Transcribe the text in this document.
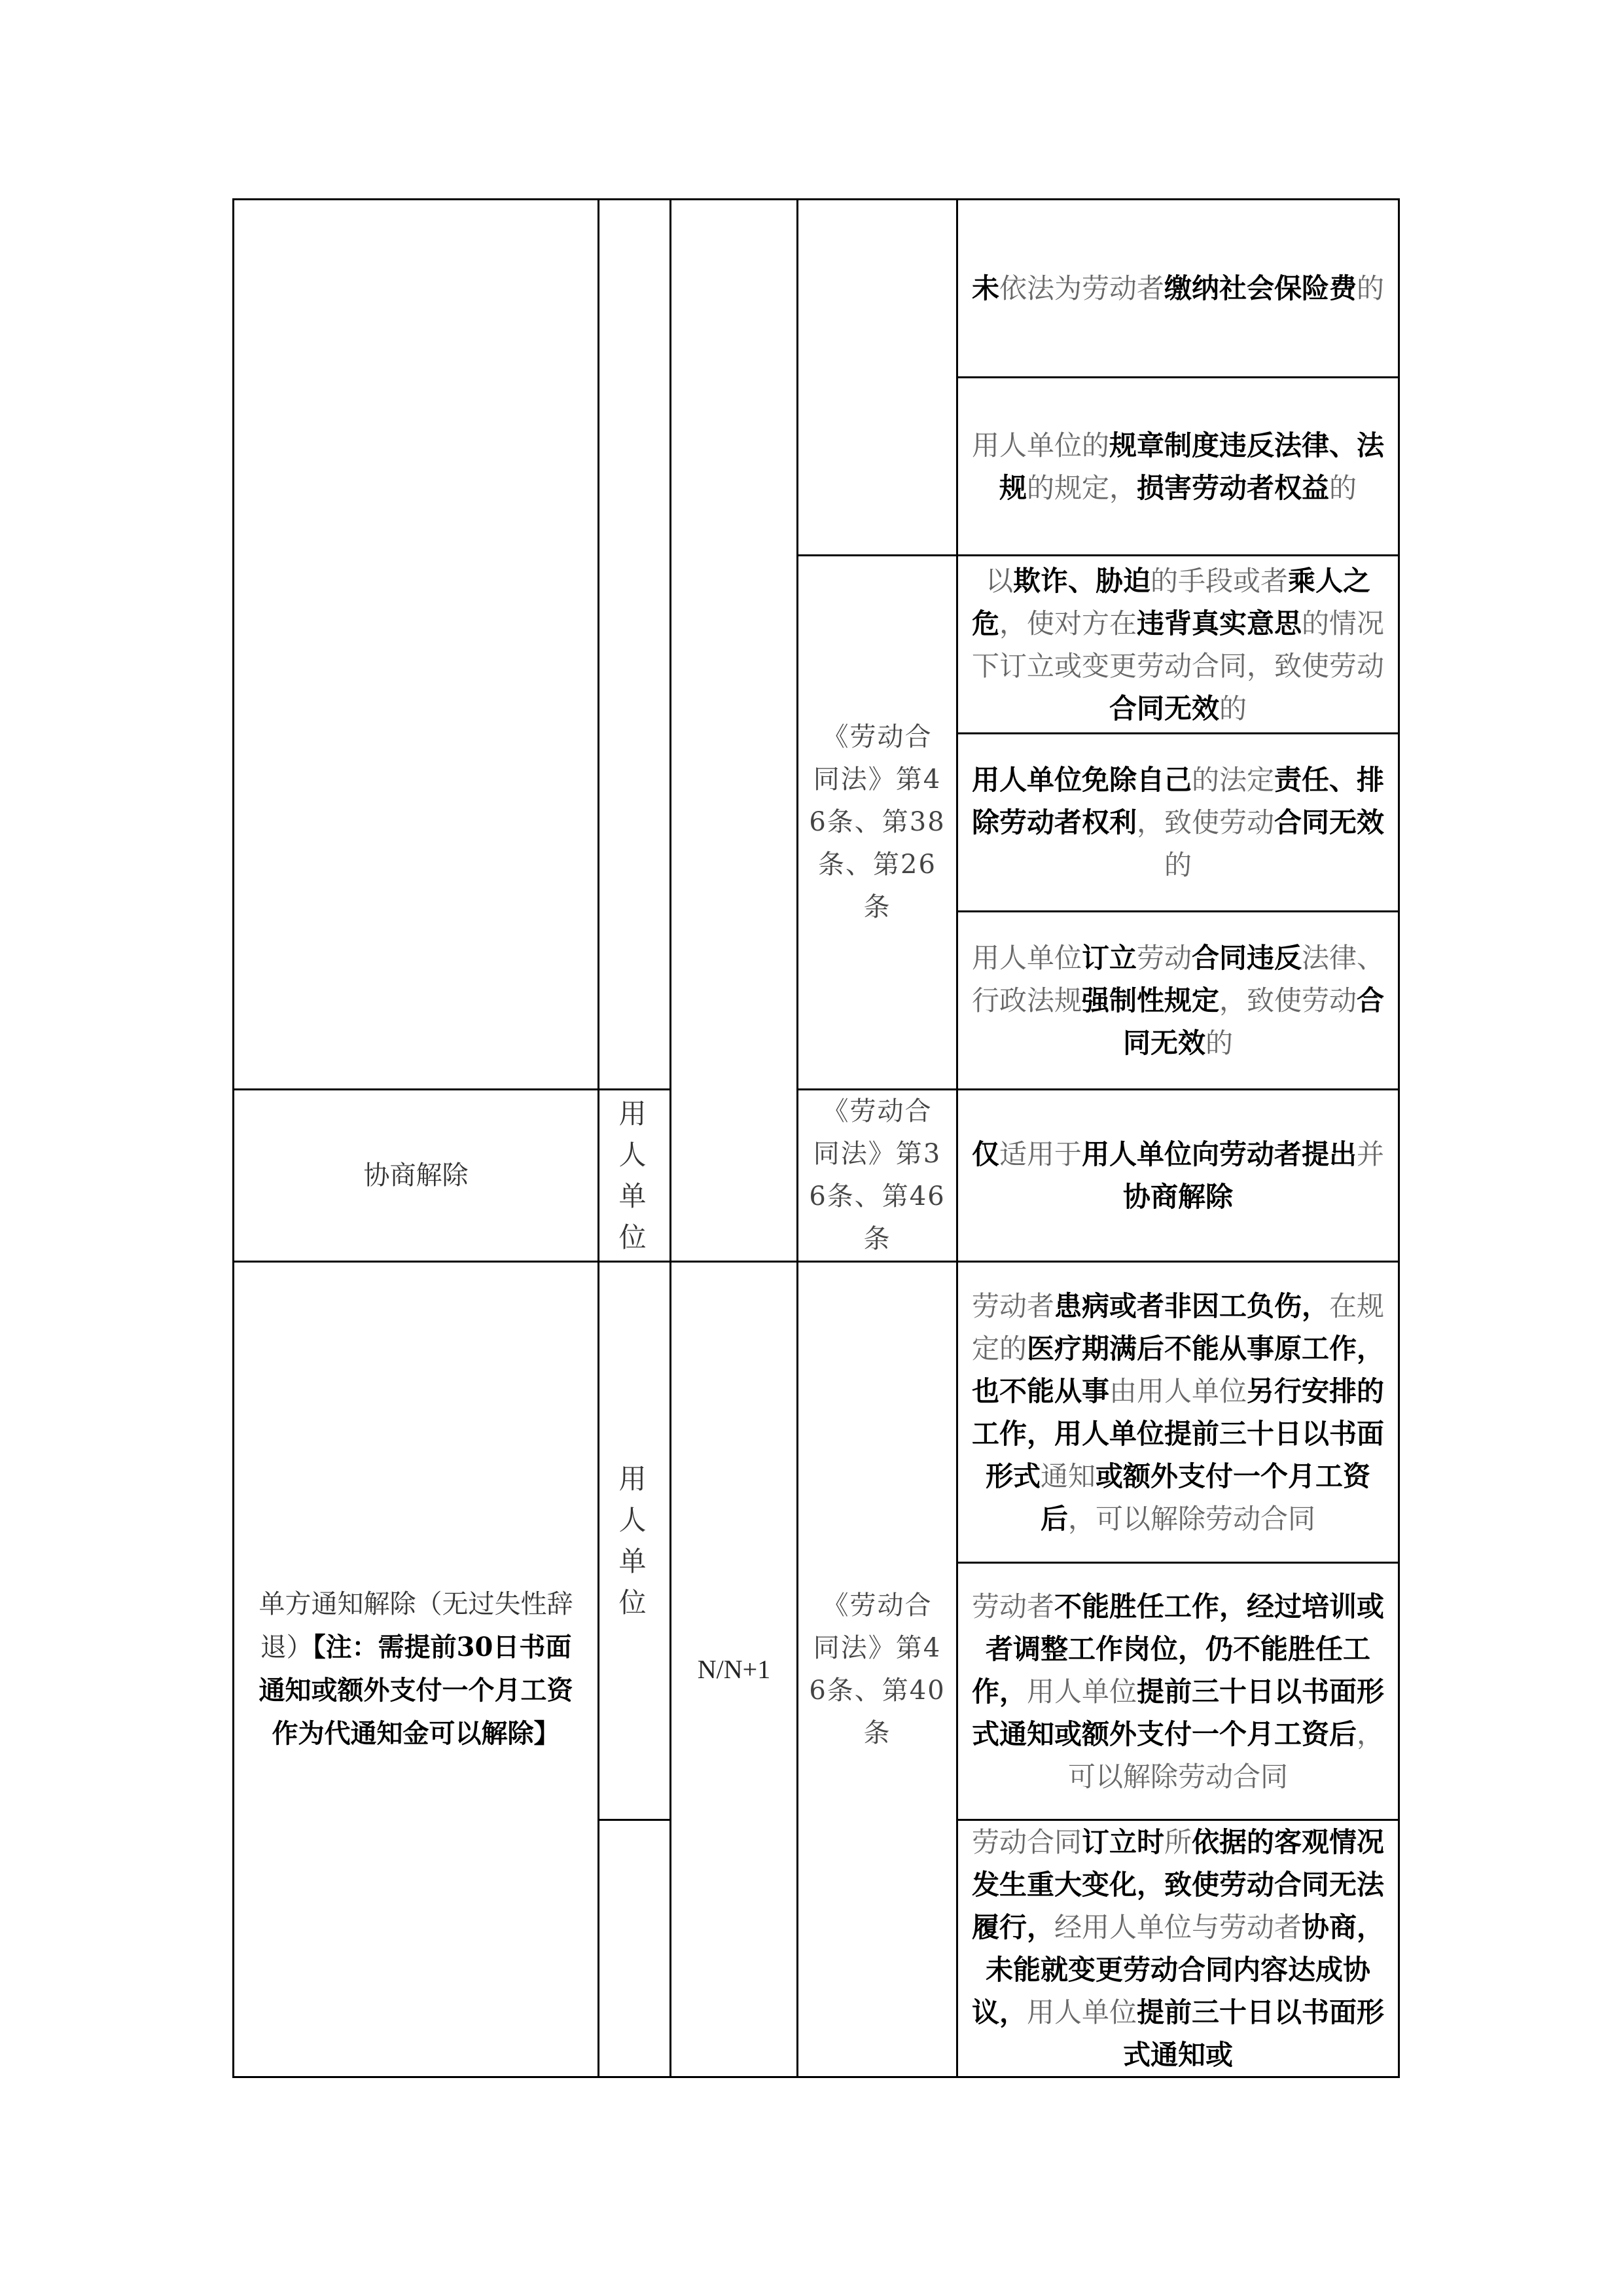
				未依法为劳动者缴纳社会保险费的
				用人单位的规章制度违反法律、法规的规定，损害劳动者权益的
			《劳动合同法》第46条、第38条、第26条	以欺诈、胁迫的手段或者乘人之危，使对方在违背真实意思的情况下订立或变更劳动合同，致使劳动合同无效的
				用人单位免除自己的法定责任、排除劳动者权利，致使劳动合同无效的
				用人单位订立劳动合同违反法律、行政法规强制性规定，致使劳动合同无效的
协商解除	用人单位		《劳动合同法》第36条、第46条	仅适用于用人单位向劳动者提出并协商解除
单方通知解除（无过失性辞退）【注：需提前30日书面通知或额外支付一个月工资作为代通知金可以解除】	用人单位	N/N+1	《劳动合同法》第46条、第40条	劳动者患病或者非因工负伤，在规定的医疗期满后不能从事原工作，也不能从事由用人单位另行安排的工作，用人单位提前三十日以书面形式通知或额外支付一个月工资后，可以解除劳动合同
				劳动者不能胜任工作，经过培训或者调整工作岗位，仍不能胜任工作，用人单位提前三十日以书面形式通知或额外支付一个月工资后，可以解除劳动合同
				劳动合同订立时所依据的客观情况发生重大变化，致使劳动合同无法履行，经用人单位与劳动者协商，未能就变更劳动合同内容达成协议，用人单位提前三十日以书面形式通知或
